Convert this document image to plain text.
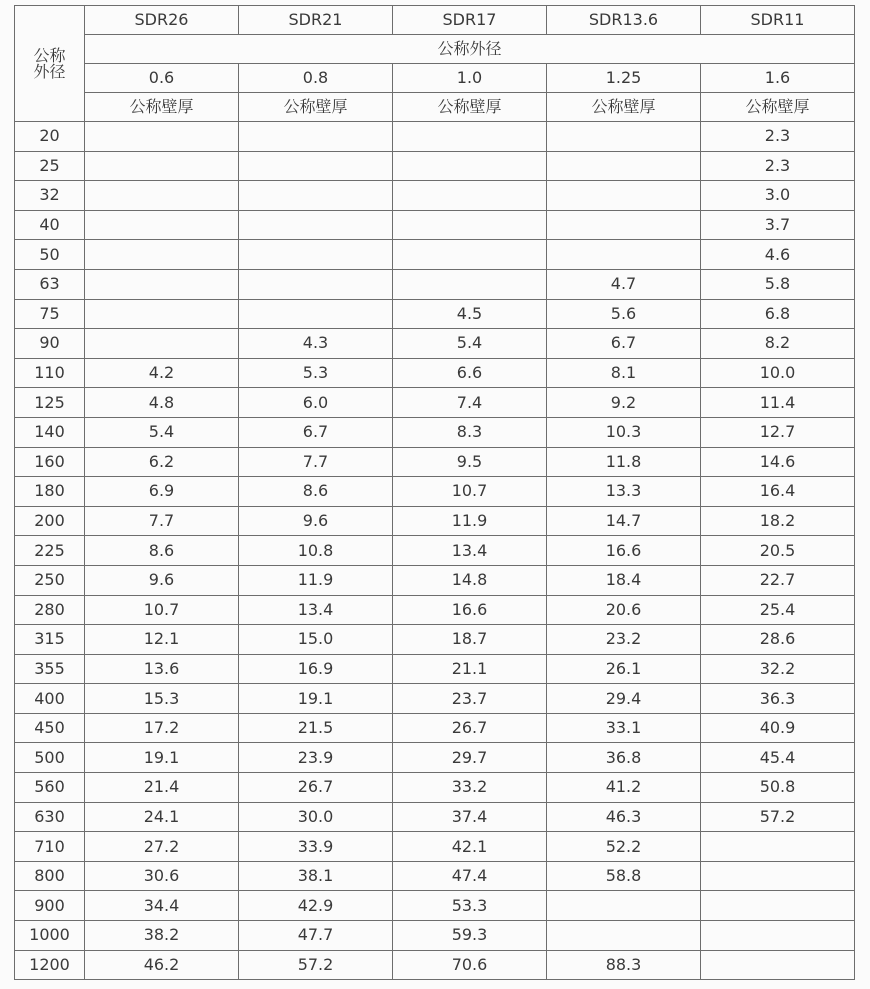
公称
外径	SDR26	SDR21	SDR17	SDR13.6	SDR11
	公称外径				
	0.6	0.8	1.0	1.25	1.6
	公称壁厚	公称壁厚	公称壁厚	公称壁厚	公称壁厚
20					2.3
25					2.3
32					3.0
40					3.7
50					4.6
63				4.7	5.8
75			4.5	5.6	6.8
90		4.3	5.4	6.7	8.2
110	4.2	5.3	6.6	8.1	10.0
125	4.8	6.0	7.4	9.2	11.4
140	5.4	6.7	8.3	10.3	12.7
160	6.2	7.7	9.5	11.8	14.6
180	6.9	8.6	10.7	13.3	16.4
200	7.7	9.6	11.9	14.7	18.2
225	8.6	10.8	13.4	16.6	20.5
250	9.6	11.9	14.8	18.4	22.7
280	10.7	13.4	16.6	20.6	25.4
315	12.1	15.0	18.7	23.2	28.6
355	13.6	16.9	21.1	26.1	32.2
400	15.3	19.1	23.7	29.4	36.3
450	17.2	21.5	26.7	33.1	40.9
500	19.1	23.9	29.7	36.8	45.4
560	21.4	26.7	33.2	41.2	50.8
630	24.1	30.0	37.4	46.3	57.2
710	27.2	33.9	42.1	52.2	
800	30.6	38.1	47.4	58.8	
900	34.4	42.9	53.3		
1000	38.2	47.7	59.3		
1200	46.2	57.2	70.6	88.3	
